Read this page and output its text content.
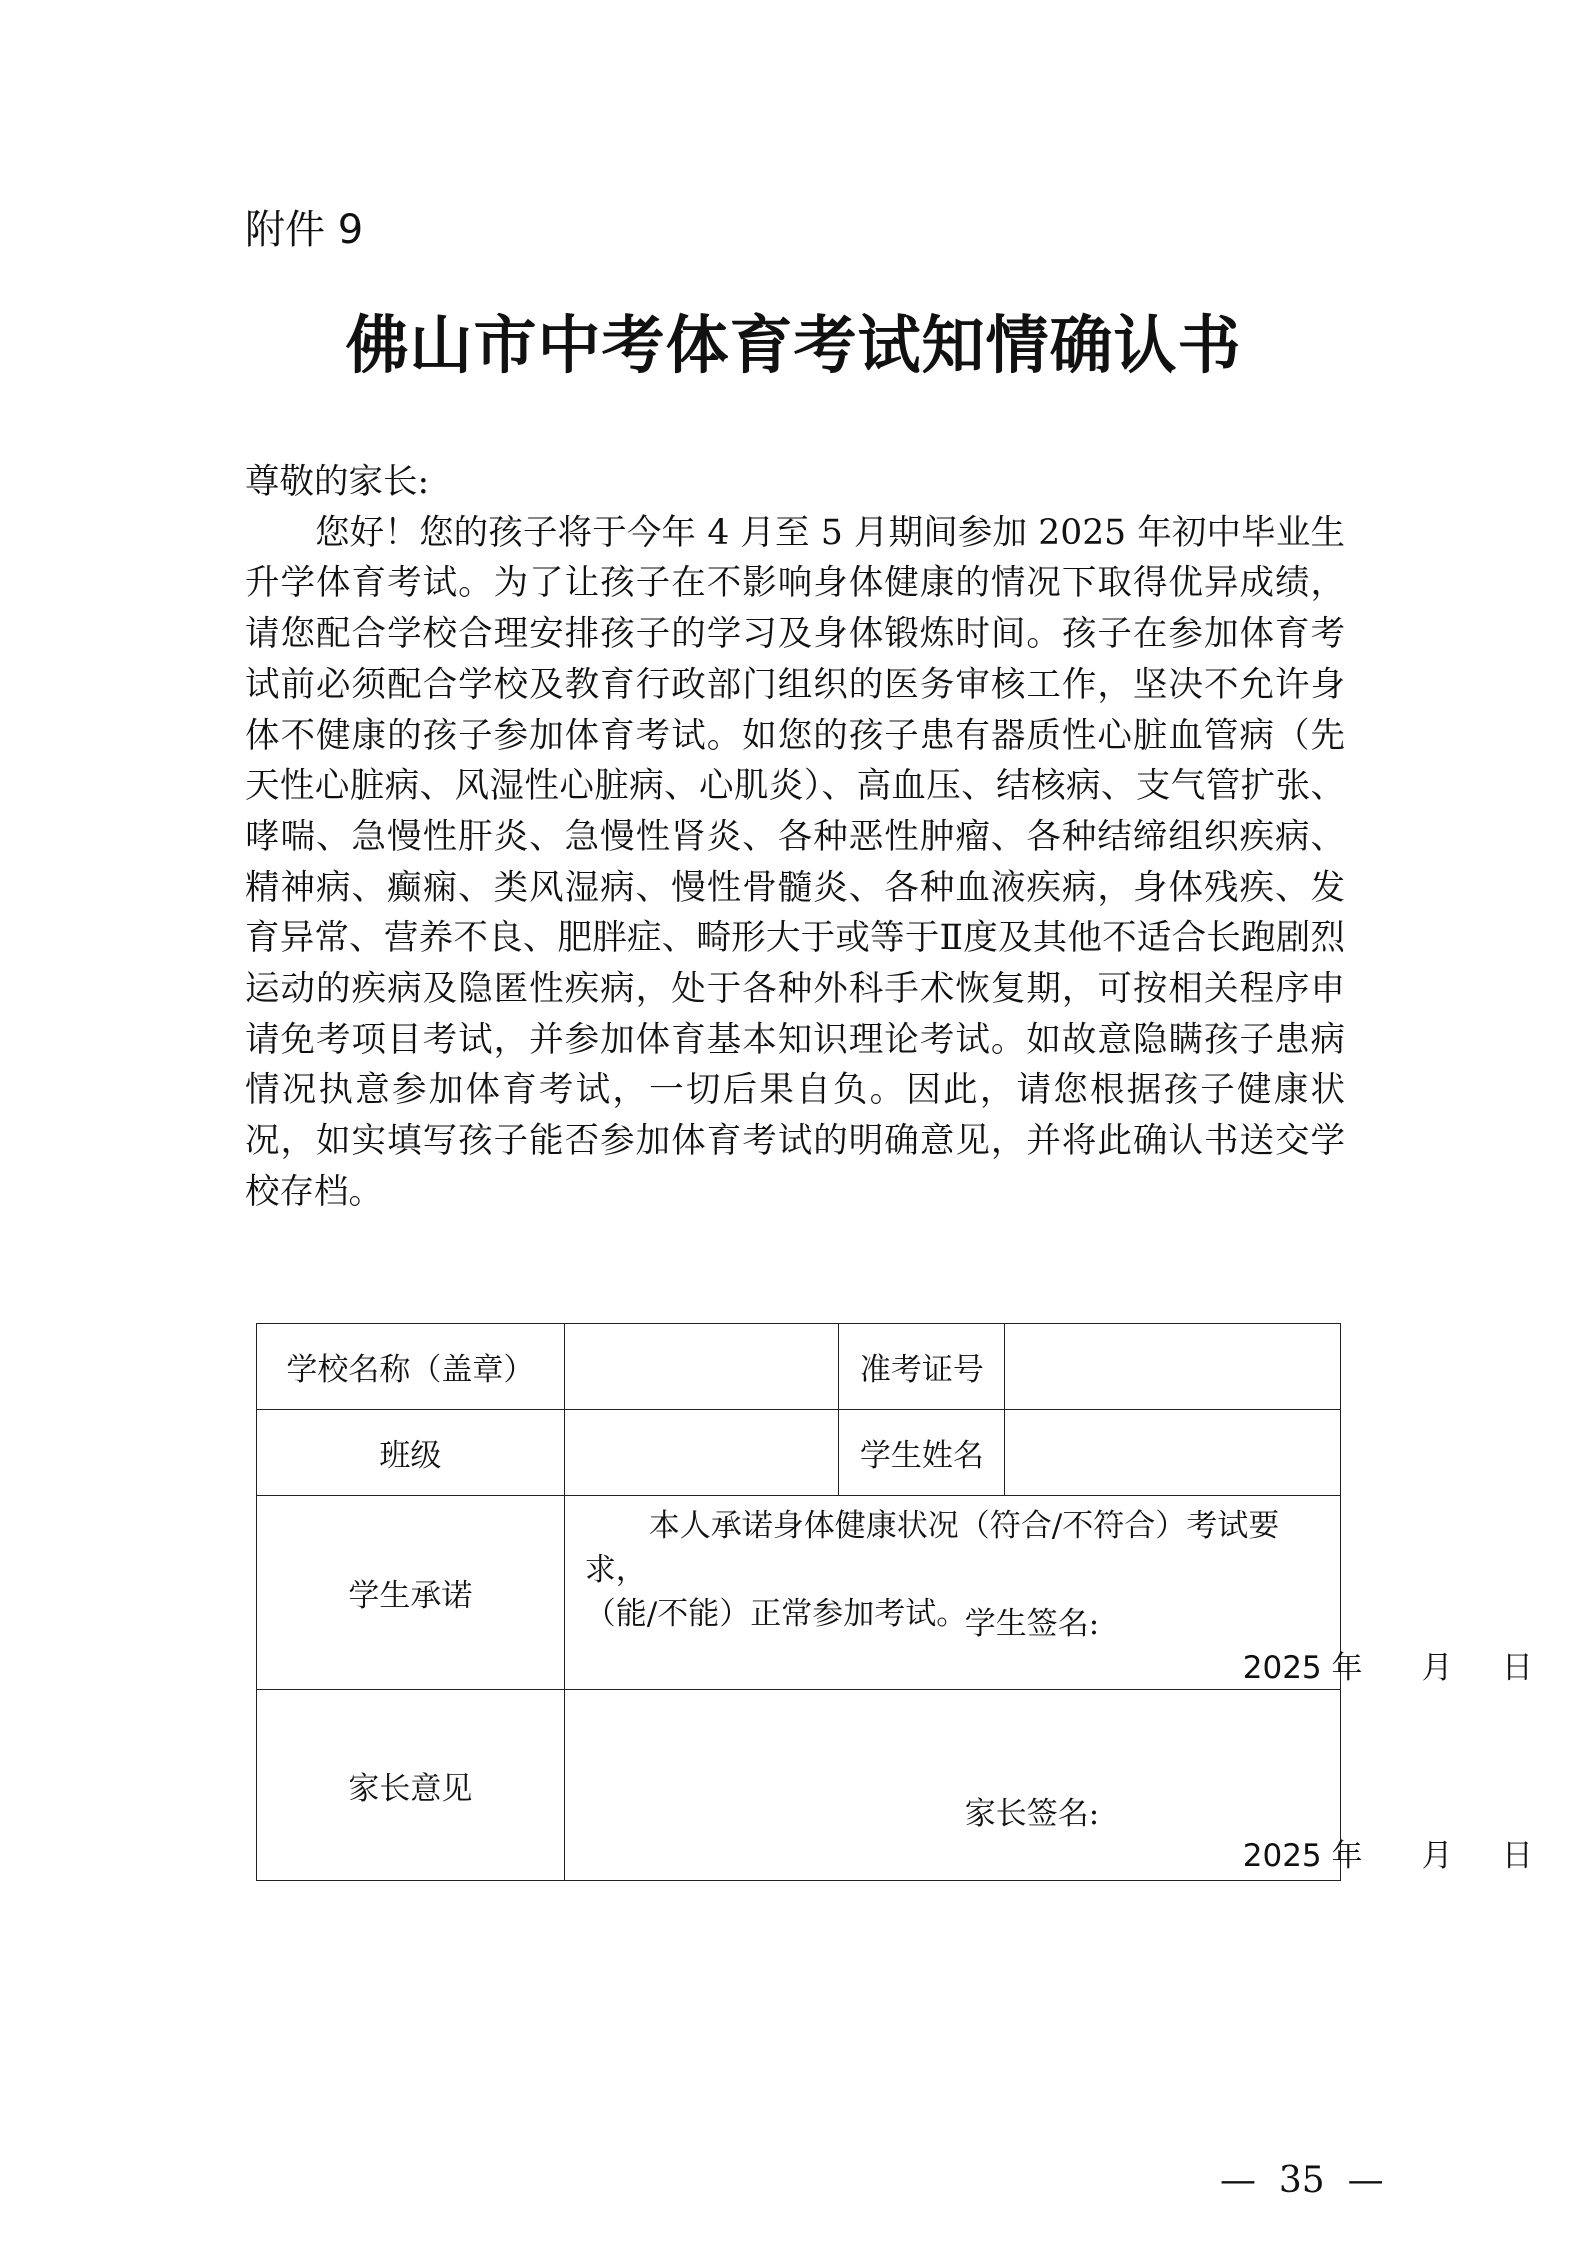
附件 9
佛山市中考体育考试知情确认书

尊敬的家长:

您好！您的孩子将于今年 4 月至 5 月期间参加 2025 年初中毕业生升学体育考试。为了让孩子在不影响身体健康的情况下取得优异成绩，请您配合学校合理安排孩子的学习及身体锻炼时间。孩子在参加体育考试前必须配合学校及教育行政部门组织的医务审核工作，坚决不允许身体不健康的孩子参加体育考试。如您的孩子患有器质性心脏血管病（先天性心脏病、风湿性心脏病、心肌炎）、高血压、结核病、支气管扩张、哮喘、急慢性肝炎、急慢性肾炎、各种恶性肿瘤、各种结缔组织疾病、精神病、癫痫、类风湿病、慢性骨髓炎、各种血液疾病，身体残疾、发育异常、营养不良、肥胖症、畸形大于或等于Ⅱ度及其他不适合长跑剧烈运动的疾病及隐匿性疾病，处于各种外科手术恢复期，可按相关程序申请免考项目考试，并参加体育基本知识理论考试。如故意隐瞒孩子患病情况执意参加体育考试，一切后果自负。因此，请您根据孩子健康状况，如实填写孩子能否参加体育考试的明确意见，并将此确认书送交学校存档。

学校名称（盖章）		准考证号	
班级		学生姓名	
学生承诺	本人承诺身体健康状况（符合/不符合）考试要求，
（能/不能）正常参加考试。
学生签名:
2025 年      月     日		

家长意见	家长签名:
2025 年      月     日		
—  35  —
